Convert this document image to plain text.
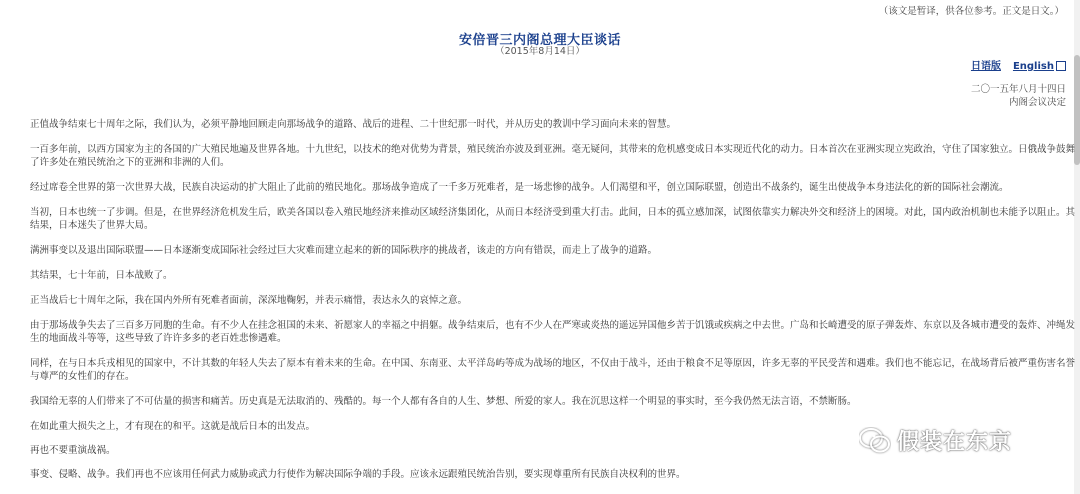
（该文是暂译，供各位参考。正文是日文。）
安倍晋三内阁总理大臣谈话
（2015年8月14日）
日语版 English
二〇一五年八月十四日
内阁会议决定

正值战争结束七十周年之际，我们认为，必须平静地回顾走向那场战争的道路、战后的进程、二十世纪那一时代，并从历史的教训中学习面向未来的智慧。

一百多年前，以西方国家为主的各国的广大殖民地遍及世界各地。十九世纪，以技术的绝对优势为背景，殖民统治亦波及到亚洲。毫无疑问，其带来的危机感变成日本实现近代化的动力。日本首次在亚洲实现立宪政治，守住了国家独立。日俄战争鼓舞了许多处在殖民统治之下的亚洲和非洲的人们。

经过席卷全世界的第一次世界大战，民族自决运动的扩大阻止了此前的殖民地化。那场战争造成了一千多万死难者，是一场悲惨的战争。人们渴望和平，创立国际联盟，创造出不战条约，诞生出使战争本身违法化的新的国际社会潮流。

当初，日本也统一了步调。但是，在世界经济危机发生后，欧美各国以卷入殖民地经济来推动区域经济集团化，从而日本经济受到重大打击。此间，日本的孤立感加深，试图依靠实力解决外交和经济上的困境。对此，国内政治机制也未能予以阻止。其结果，日本迷失了世界大局。

满洲事变以及退出国际联盟——日本逐渐变成国际社会经过巨大灾难而建立起来的新的国际秩序的挑战者，该走的方向有错误，而走上了战争的道路。

其结果，七十年前，日本战败了。

正当战后七十周年之际，我在国内外所有死难者面前，深深地鞠躬，并表示痛惜，表达永久的哀悼之意。

由于那场战争失去了三百多万同胞的生命。有不少人在挂念祖国的未来、祈愿家人的幸福之中捐躯。战争结束后，也有不少人在严寒或炎热的遥远异国他乡苦于饥饿或疾病之中去世。广岛和长崎遭受的原子弹轰炸、东京以及各城市遭受的轰炸、冲绳发生的地面战斗等等，这些导致了许许多多的老百姓悲惨遇难。

同样，在与日本兵戎相见的国家中，不计其数的年轻人失去了原本有着未来的生命。在中国、东南亚、太平洋岛屿等成为战场的地区，不仅由于战斗，还由于粮食不足等原因，许多无辜的平民受苦和遇难。我们也不能忘记，在战场背后被严重伤害名誉与尊严的女性们的存在。

我国给无辜的人们带来了不可估量的损害和痛苦。历史真是无法取消的、残酷的。每一个人都有各自的人生、梦想、所爱的家人。我在沉思这样一个明显的事实时，至今我仍然无法言语，不禁断肠。

在如此重大损失之上，才有现在的和平。这就是战后日本的出发点。

再也不要重演战祸。

事变、侵略、战争。我们再也不应该用任何武力威胁或武力行使作为解决国际争端的手段。应该永远跟殖民统治告别，要实现尊重所有民族自决权利的世界。

假装在东京
